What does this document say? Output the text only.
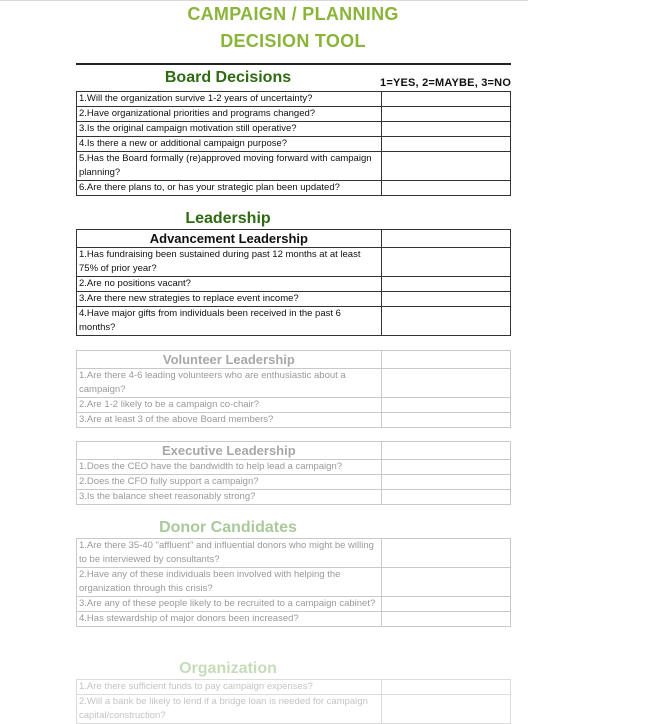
CAMPAIGN / PLANNING
DECISION TOOL
Board Decisions	1=YES, 2=MAYBE, 3=NO
1.Will the organization survive 1-2 years of uncertainty?	
2.Have organizational priorities and programs changed?	
3.Is the original campaign motivation still operative?	
4.Is there a new or additional campaign purpose?	
5.Has the Board formally (re)approved moving forward with campaign planning?	
6.Are there plans to, or has your strategic plan been updated?	
Leadership
Advancement Leadership	
1.Has fundraising been sustained during past 12 months at at least 75% of prior year?	
2.Are no positions vacant?	
3.Are there new strategies to replace event income?	
4.Have major gifts from individuals been received in the past 6 months?	
Volunteer Leadership	
1.Are there 4-6 leading volunteers who are enthusiastic about a campaign?	
2.Are 1-2 likely to be a campaign co-chair?	
3.Are at least 3 of the above Board members?	
Executive Leadership	
1.Does the CEO have the bandwidth to help lead a campaign?	
2.Does the CFO fully support a campaign?	
3.Is the balance sheet reasonably strong?	
Donor Candidates
1.Are there 35-40 "affluent" and influential donors who might be willing to be interviewed by consultants?	
2.Have any of these individuals been involved with helping the organization through this crisis?	
3.Are any of these people likely to be recruited to a campaign cabinet?	
4.Has stewardship of major donors been increased?	
Organization
1.Are there sufficient funds to pay campaign expenses?	
2.Will a bank be likely to lend if a bridge loan is needed for campaign capital/construction?	
